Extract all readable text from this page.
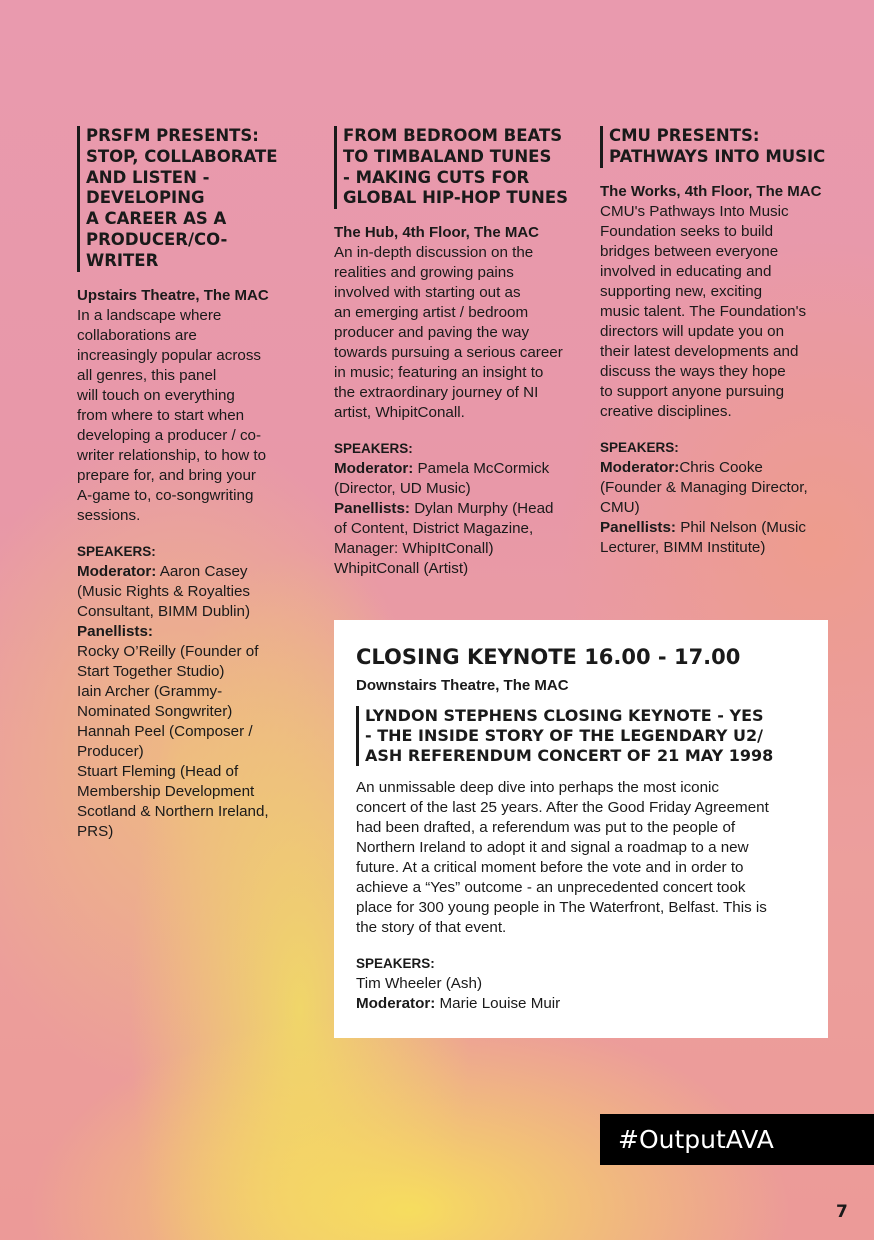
PRSFM PRESENTS:
STOP, COLLABORATE
AND LISTEN -
DEVELOPING
A CAREER AS A
PRODUCER/CO-
WRITER

Upstairs Theatre, The MAC

In a landscape where
collaborations are
increasingly popular across
all genres, this panel
will touch on everything
from where to start when
developing a producer / co-
writer relationship, to how to
prepare for, and bring your
A-game to, co-songwriting
sessions.

SPEAKERS:

Moderator: Aaron Casey
(Music Rights & Royalties
Consultant, BIMM Dublin)

Panellists:
Rocky O’Reilly (Founder of
Start Together Studio)
Iain Archer (Grammy-
Nominated Songwriter)
Hannah Peel (Composer /
Producer)
Stuart Fleming (Head of
Membership Development
Scotland & Northern Ireland,
PRS)

FROM BEDROOM BEATS
TO TIMBALAND TUNES
- MAKING CUTS FOR
GLOBAL HIP-HOP TUNES

The Hub, 4th Floor, The MAC

An in-depth discussion on the
realities and growing pains
involved with starting out as
an emerging artist / bedroom
producer and paving the way
towards pursuing a serious career
in music; featuring an insight to
the extraordinary journey of NI
artist, WhipitConall.

SPEAKERS:

Moderator: Pamela McCormick
(Director, UD Music)

Panellists: Dylan Murphy (Head
of Content, District Magazine,
Manager: WhipItConall)
WhipitConall (Artist)

CMU PRESENTS:
PATHWAYS INTO MUSIC

The Works, 4th Floor, The MAC

CMU's Pathways Into Music
Foundation seeks to build
bridges between everyone
involved in educating and
supporting new, exciting
music talent. The Foundation's
directors will update you on
their latest developments and
discuss the ways they hope
to support anyone pursuing
creative disciplines.

SPEAKERS:

Moderator:Chris Cooke
(Founder & Managing Director,
CMU)

Panellists: Phil Nelson (Music
Lecturer, BIMM Institute)

CLOSING KEYNOTE 16.00 - 17.00

Downstairs Theatre, The MAC

LYNDON STEPHENS CLOSING KEYNOTE - YES
- THE INSIDE STORY OF THE LEGENDARY U2/
ASH REFERENDUM CONCERT OF 21 MAY 1998

An unmissable deep dive into perhaps the most iconic
concert of the last 25 years. After the Good Friday Agreement
had been drafted, a referendum was put to the people of
Northern Ireland to adopt it and signal a roadmap to a new
future. At a critical moment before the vote and in order to
achieve a “Yes” outcome - an unprecedented concert took
place for 300 young people in The Waterfront, Belfast. This is
the story of that event.

SPEAKERS:

Tim Wheeler (Ash)

Moderator: Marie Louise Muir

#OutputAVA
7
